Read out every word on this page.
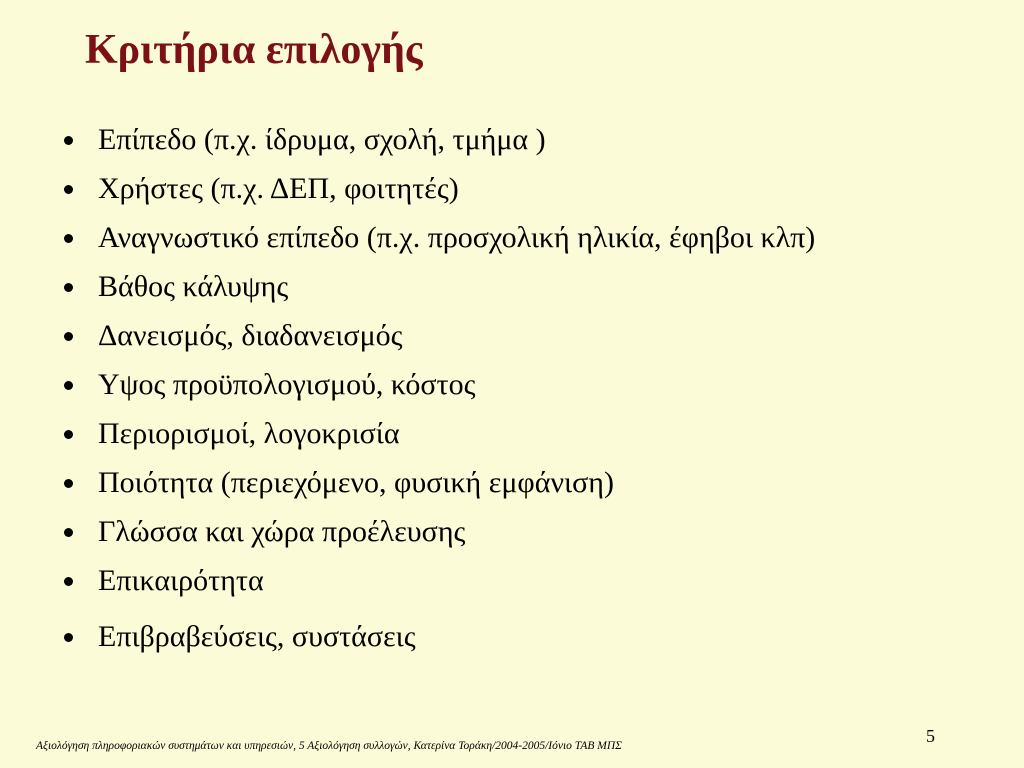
Κριτήρια επιλογής
Επίπεδο (π.χ. ίδρυμα, σχολή, τμήμα )
Χρήστες (π.χ. ΔΕΠ, φοιτητές)
Αναγνωστικό επίπεδο (π.χ. προσχολική ηλικία, έφηβοι κλπ)
Βάθος κάλυψης
Δανεισμός, διαδανεισμός
Υψος προϋπολογισμού, κόστος
Περιορισμοί, λογοκρισία
Ποιότητα (περιεχόμενο, φυσική εμφάνιση)
Γλώσσα και χώρα προέλευσης
Επικαιρότητα
Επιβραβεύσεις, συστάσεις
Αξιολόγηση πληροφοριακών συστημάτων και υπηρεσιών, 5 Αξιολόγηση συλλογών, Κατερίνα Τοράκη/2004-2005/Ιόνιο ΤΑΒ ΜΠΣ	5
